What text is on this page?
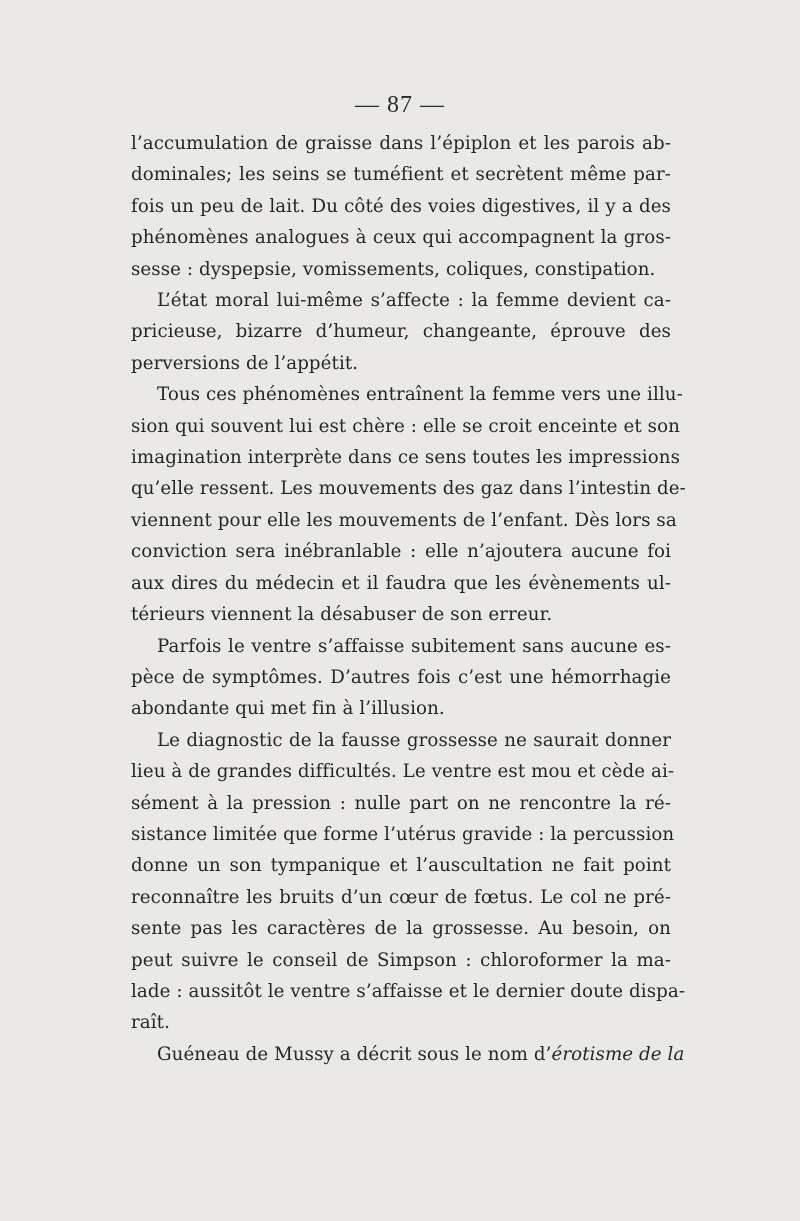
— 87 —
l’accumulation de graisse dans l’épiplon et les parois ab-
dominales; les seins se tuméfient et secrètent même par-
fois un peu de lait. Du côté des voies digestives, il y a des
phénomènes analogues à ceux qui accompagnent la gros-
sesse : dyspepsie, vomissements, coliques, constipation.
L’état moral lui-même s’affecte : la femme devient ca-
pricieuse, bizarre d’humeur, changeante, éprouve des
perversions de l’appétit.
Tous ces phénomènes entraînent la femme vers une illu-
sion qui souvent lui est chère : elle se croit enceinte et son
imagination interprète dans ce sens toutes les impressions
qu’elle ressent. Les mouvements des gaz dans l’intestin de-
viennent pour elle les mouvements de l’enfant. Dès lors sa
conviction sera inébranlable : elle n’ajoutera aucune foi
aux dires du médecin et il faudra que les évènements ul-
térieurs viennent la désabuser de son erreur.
Parfois le ventre s’affaisse subitement sans aucune es-
pèce de symptômes. D’autres fois c’est une hémorrhagie
abondante qui met fin à l’illusion.
Le diagnostic de la fausse grossesse ne saurait donner
lieu à de grandes difficultés. Le ventre est mou et cède ai-
sément à la pression : nulle part on ne rencontre la ré-
sistance limitée que forme l’utérus gravide : la percussion
donne un son tympanique et l’auscultation ne fait point
reconnaître les bruits d’un cœur de fœtus. Le col ne pré-
sente pas les caractères de la grossesse. Au besoin, on
peut suivre le conseil de Simpson : chloroformer la ma-
lade : aussitôt le ventre s’affaisse et le dernier doute dispa-
raît.
Guéneau de Mussy a décrit sous le nom d’érotisme de la
